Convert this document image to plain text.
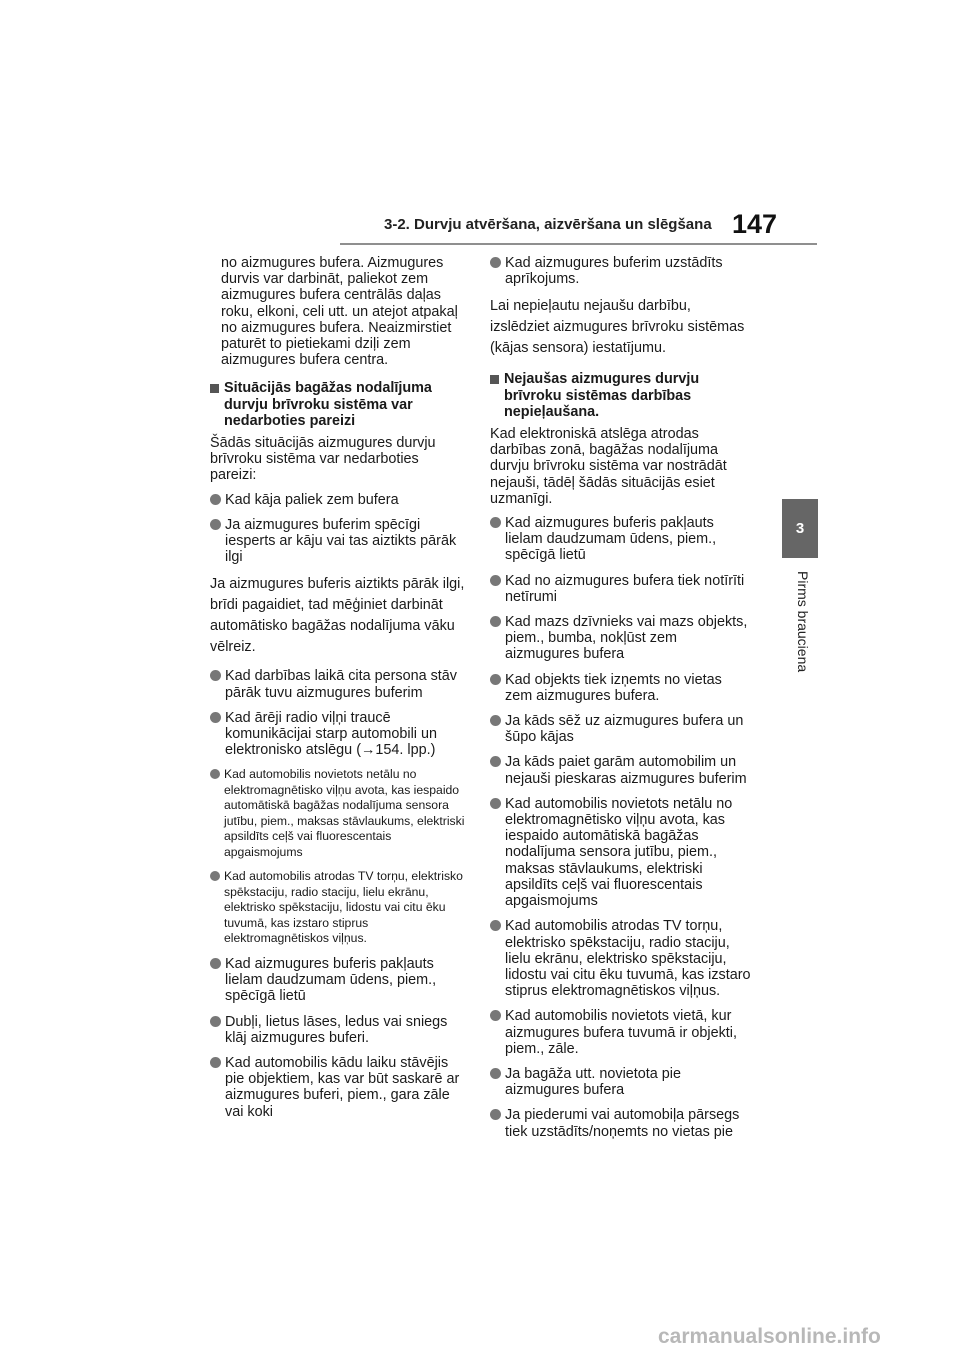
3-2. Durvju atvēršana, aizvēršana un slēgšana 147
3
Pirms brauciena
no aizmugures bufera. Aizmugures durvis var darbināt, paliekot zem aizmugures bufera centrālās daļas roku, elkoni, celi utt. un atejot atpakaļ no aizmugures bufera. Neaizmirstiet paturēt to pietiekami dziļi zem aizmugures bufera centra.
Situācijās bagāžas nodalījuma durvju brīvroku sistēma var nedarboties pareizi
Šādās situācijās aizmugures durvju brīvroku sistēma var nedarboties pareizi:
Kad kāja paliek zem bufera
Ja aizmugures buferim spēcīgi iesperts ar kāju vai tas aiztikts pārāk ilgi
Ja aizmugures buferis aiztikts pārāk ilgi, brīdi pagaidiet, tad mēģiniet darbināt automātisko bagāžas nodalījuma vāku vēlreiz.
Kad darbības laikā cita persona stāv pārāk tuvu aizmugures buferim
Kad ārēji radio viļņi traucē komunikācijai starp automobili un elektronisko atslēgu (→154. lpp.)
Kad automobilis novietots netālu no elektromagnētisko viļņu avota, kas iespaido automātiskā bagāžas nodalījuma sensora jutību, piem., maksas stāvlaukums, elektriski apsildīts ceļš vai fluorescentais apgaismojums
Kad automobilis atrodas TV torņu, elektrisko spēkstaciju, radio staciju, lielu ekrānu, elektrisko spēkstaciju, lidostu vai citu ēku tuvumā, kas izstaro stiprus elektromagnētiskos viļņus.
Kad aizmugures buferis pakļauts lielam daudzumam ūdens, piem., spēcīgā lietū
Dubļi, lietus lāses, ledus vai sniegs klāj aizmugures buferi.
Kad automobilis kādu laiku stāvējis pie objektiem, kas var būt saskarē ar aizmugures buferi, piem., gara zāle vai koki
Kad aizmugures buferim uzstādīts aprīkojums.
Lai nepieļautu nejaušu darbību, izslēdziet aizmugures brīvroku sistēmas (kājas sensora) iestatījumu.
Nejaušas aizmugures durvju brīvroku sistēmas darbības nepieļaušana.
Kad elektroniskā atslēga atrodas darbības zonā, bagāžas nodalījuma durvju brīvroku sistēma var nostrādāt nejauši, tādēļ šādās situācijās esiet uzmanīgi.
Kad aizmugures buferis pakļauts lielam daudzumam ūdens, piem., spēcīgā lietū
Kad no aizmugures bufera tiek notīrīti netīrumi
Kad mazs dzīvnieks vai mazs objekts, piem., bumba, nokļūst zem aizmugures bufera
Kad objekts tiek izņemts no vietas zem aizmugures bufera.
Ja kāds sēž uz aizmugures bufera un šūpo kājas
Ja kāds paiet garām automobilim un nejauši pieskaras aizmugures buferim
Kad automobilis novietots netālu no elektromagnētisko viļņu avota, kas iespaido automātiskā bagāžas nodalījuma sensora jutību, piem., maksas stāvlaukums, elektriski apsildīts ceļš vai fluorescentais apgaismojums
Kad automobilis atrodas TV torņu, elektrisko spēkstaciju, radio staciju, lielu ekrānu, elektrisko spēkstaciju, lidostu vai citu ēku tuvumā, kas izstaro stiprus elektromagnētiskos viļņus.
Kad automobilis novietots vietā, kur aizmugures bufera tuvumā ir objekti, piem., zāle.
Ja bagāža utt. novietota pie aizmugures bufera
Ja piederumi vai automobiļa pārsegs tiek uzstādīts/noņemts no vietas pie
carmanualsonline.info
